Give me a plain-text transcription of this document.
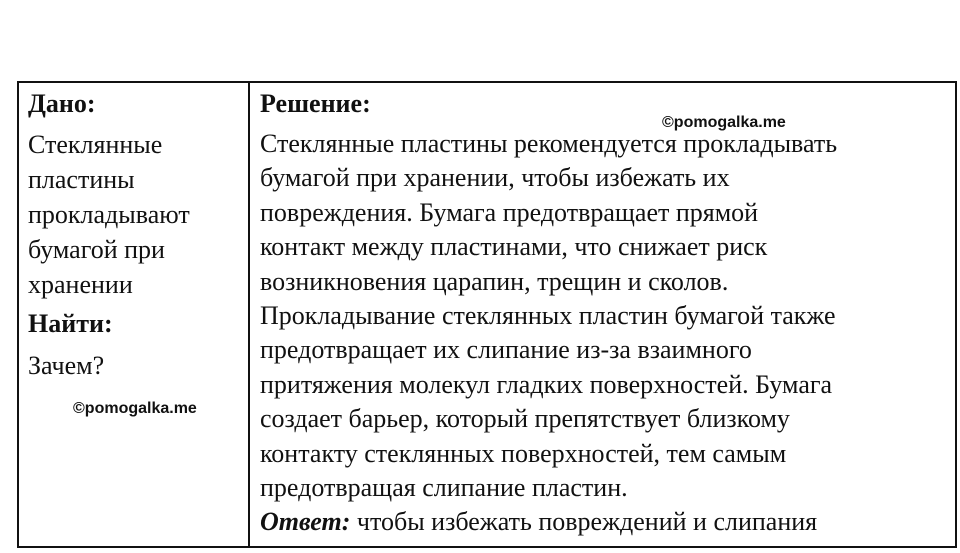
Дано:
Стеклянные
пластины
прокладывают
бумагой при
хранении
Найти:
Зачем?
©pomogalka.me
Решение:
©pomogalka.me
Стеклянные пластины рекомендуется прокладывать
бумагой при хранении, чтобы избежать их
повреждения. Бумага предотвращает прямой
контакт между пластинами, что снижает риск
возникновения царапин, трещин и сколов.
Прокладывание стеклянных пластин бумагой также
предотвращает их слипание из-за взаимного
притяжения молекул гладких поверхностей. Бумага
создает барьер, который препятствует близкому
контакту стеклянных поверхностей, тем самым
предотвращая слипание пластин.
Ответ: чтобы избежать повреждений и слипания
